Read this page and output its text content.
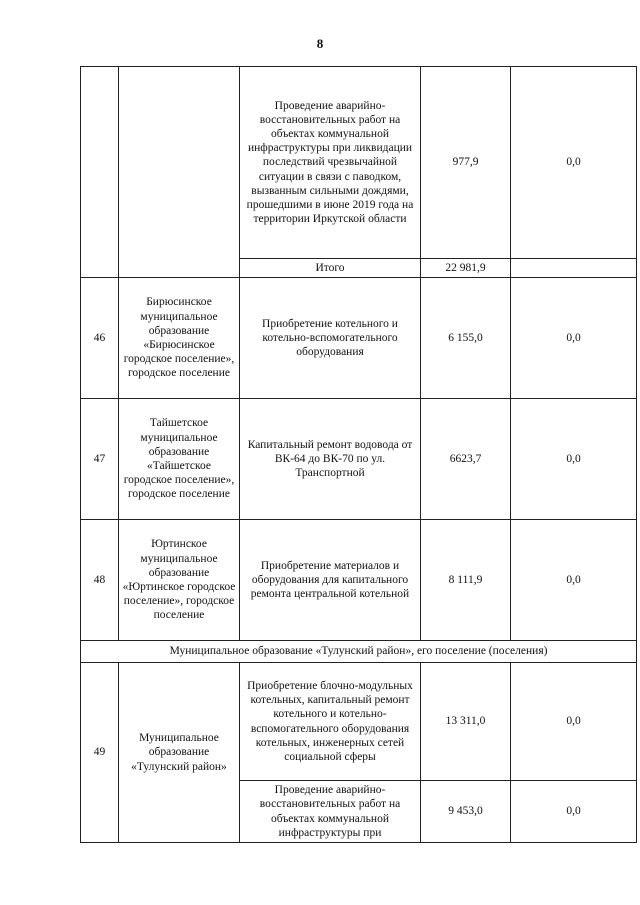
8
		Проведение аварийно-восстановительных работ на объектах коммунальной инфраструктуры при ликвидации последствий чрезвычайной ситуации в связи с паводком, вызванным сильными дождями, прошедшими в июне 2019 года на территории Иркутской области	977,9	0,0
		Итого	22 981,9	
46	Бирюсинское муниципальное образование «Бирюсинское городское поселение», городское поселение	Приобретение котельного и котельно-вспомогательного оборудования	6 155,0	0,0
47	Тайшетское муниципальное образование «Тайшетское городское поселение», городское поселение	Капитальный ремонт водовода от ВК-64 до ВК-70 по ул. Транспортной	6623,7	0,0
48	Юртинское муниципальное образование «Юртинское городское поселение», городское поселение	Приобретение материалов и оборудования для капитального ремонта центральной котельной	8 111,9	0,0
Муниципальное образование «Тулунский район», его поселение (поселения)				
49	Муниципальное образование «Тулунский район»	Приобретение блочно-модульных котельных, капитальный ремонт котельного и котельно-вспомогательного оборудования котельных, инженерных сетей социальной сферы	13 311,0	0,0
		Проведение аварийно-восстановительных работ на объектах коммунальной инфраструктуры при	9 453,0	0,0
